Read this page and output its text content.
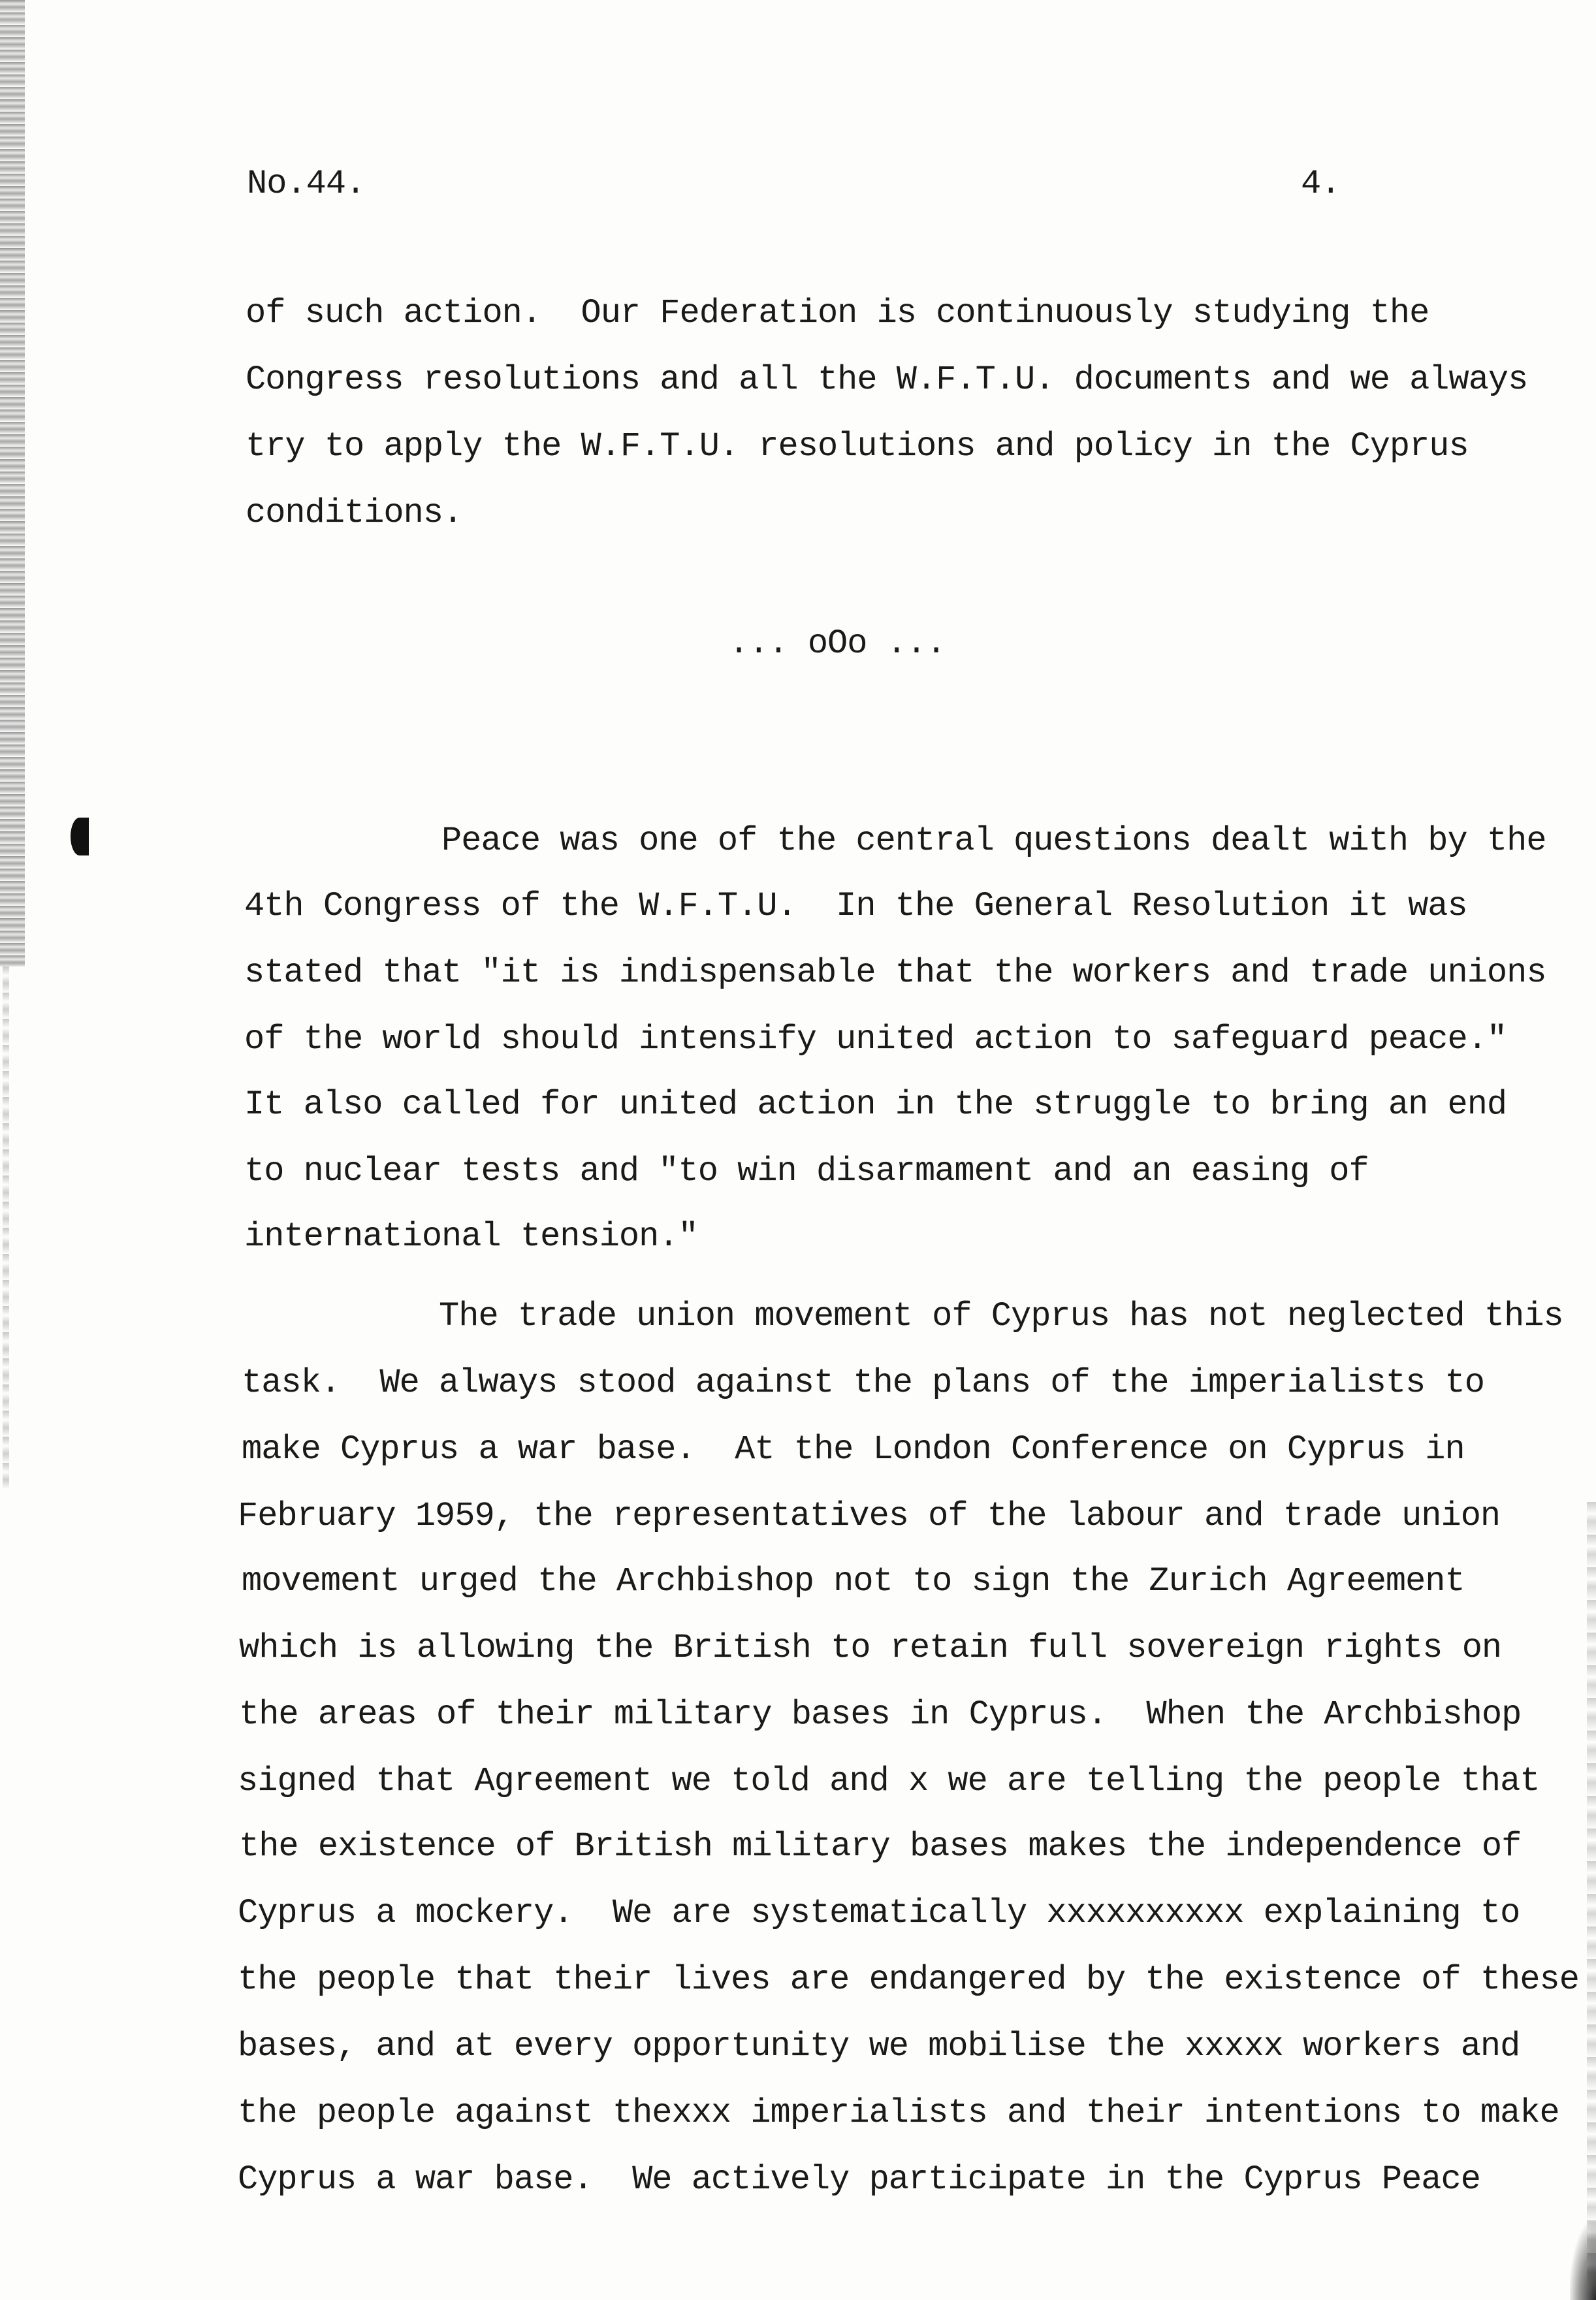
No.44.	4.
of such action.  Our Federation is continuously studying the
Congress resolutions and all the W.F.T.U. documents and we always
try to apply the W.F.T.U. resolutions and policy in the Cyprus
conditions.
... oOo ...
Peace was one of the central questions dealt with by the
4th Congress of the W.F.T.U.  In the General Resolution it was
stated that "it is indispensable that the workers and trade unions
of the world should intensify united action to safeguard peace."
It also called for united action in the struggle to bring an end
to nuclear tests and "to win disarmament and an easing of
international tension."
The trade union movement of Cyprus has not neglected this
task.  We always stood against the plans of the imperialists to
make Cyprus a war base.  At the London Conference on Cyprus in
February 1959, the representatives of the labour and trade union
movement urged the Archbishop not to sign the Zurich Agreement
which is allowing the British to retain full sovereign rights on
the areas of their military bases in Cyprus.  When the Archbishop
signed that Agreement we told and x we are telling the people that
the existence of British military bases makes the independence of
Cyprus a mockery.  We are systematically xxxxxxxxxx explaining to
the people that their lives are endangered by the existence of these
bases, and at every opportunity we mobilise the xxxxx workers and
the people against thexxx imperialists and their intentions to make
Cyprus a war base.  We actively participate in the Cyprus Peace
